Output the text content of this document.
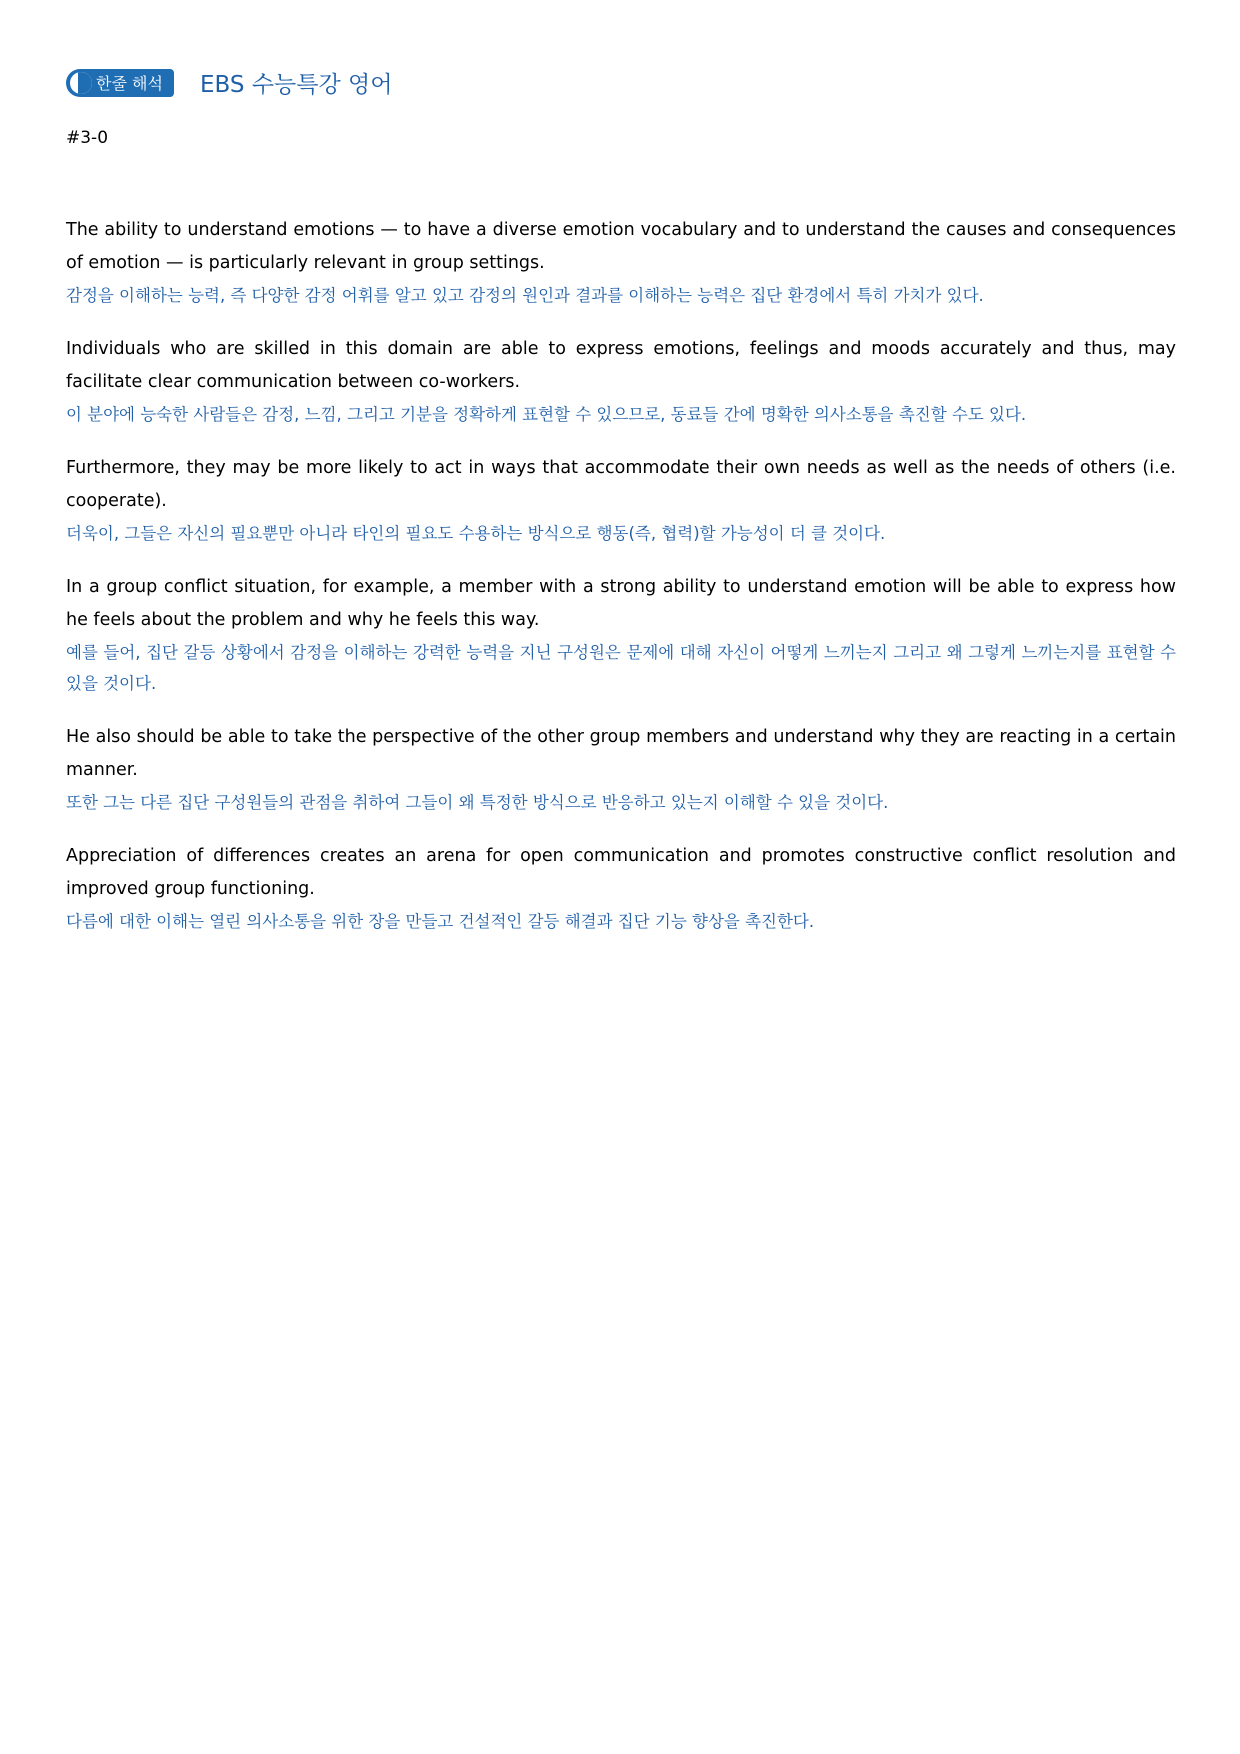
한줄 해석 EBS 수능특강 영어
#3-0

The ability to understand emotions — to have a diverse emotion vocabulary and to understand the causes and consequences of emotion — is particularly relevant in group settings.

감정을 이해하는 능력, 즉 다양한 감정 어휘를 알고 있고 감정의 원인과 결과를 이해하는 능력은 집단 환경에서 특히 가치가 있다.

Individuals who are skilled in this domain are able to express emotions, feelings and moods accurately and thus, may facilitate clear communication between co-workers.

이 분야에 능숙한 사람들은 감정, 느낌, 그리고 기분을 정확하게 표현할 수 있으므로, 동료들 간에 명확한 의사소통을 촉진할 수도 있다.

Furthermore, they may be more likely to act in ways that accommodate their own needs as well as the needs of others (i.e. cooperate).

더욱이, 그들은 자신의 필요뿐만 아니라 타인의 필요도 수용하는 방식으로 행동(즉, 협력)할 가능성이 더 클 것이다.

In a group conflict situation, for example, a member with a strong ability to understand emotion will be able to express how he feels about the problem and why he feels this way.

예를 들어, 집단 갈등 상황에서 감정을 이해하는 강력한 능력을 지닌 구성원은 문제에 대해 자신이 어떻게 느끼는지 그리고 왜 그렇게 느끼는지를 표현할 수 있을 것이다.

He also should be able to take the perspective of the other group members and understand why they are reacting in a certain manner.

또한 그는 다른 집단 구성원들의 관점을 취하여 그들이 왜 특정한 방식으로 반응하고 있는지 이해할 수 있을 것이다.

Appreciation of differences creates an arena for open communication and promotes constructive conflict resolution and improved group functioning.

다름에 대한 이해는 열린 의사소통을 위한 장을 만들고 건설적인 갈등 해결과 집단 기능 향상을 촉진한다.
